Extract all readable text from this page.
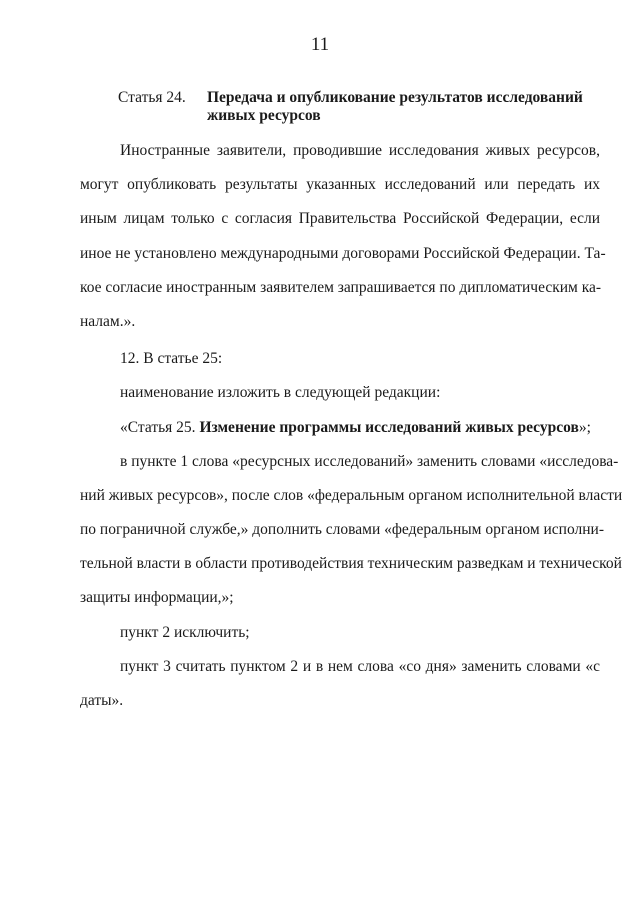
11
Статья 24. Передача и опубликование результатов исследований живых ресурсов
Иностранные заявители, проводившие исследования живых ресурсов,
могут опубликовать результаты указанных исследований или передать их
иным лицам только с согласия Правительства Российской Федерации, если
иное не установлено международными договорами Российской Федерации. Та-
кое согласие иностранным заявителем запрашивается по дипломатическим ка-
налам.».
12. В статье 25:
наименование изложить в следующей редакции:
«Статья 25. Изменение программы исследований живых ресурсов»;
в пункте 1 слова «ресурсных исследований» заменить словами «исследова-
ний живых ресурсов», после слов «федеральным органом исполнительной власти
по пограничной службе,» дополнить словами «федеральным органом исполни-
тельной власти в области противодействия техническим разведкам и технической
защиты информации,»;
пункт 2 исключить;
пункт 3 считать пунктом 2 и в нем слова «со дня» заменить словами «с
даты».
